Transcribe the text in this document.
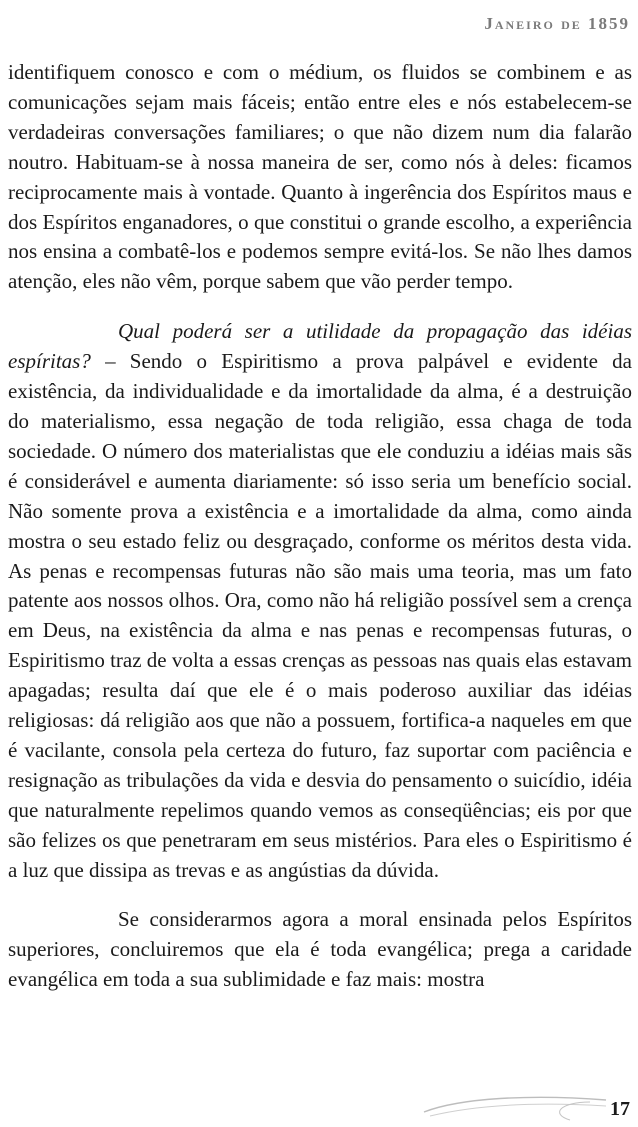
Janeiro de 1859

identifiquem conosco e com o médium, os fluidos se combinem e as comunicações sejam mais fáceis; então entre eles e nós estabelecem-se verdadeiras conversações familiares; o que não dizem num dia falarão noutro. Habituam-se à nossa maneira de ser, como nós à deles: ficamos reciprocamente mais à vontade. Quanto à ingerência dos Espíritos maus e dos Espíritos enganadores, o que constitui o grande escolho, a experiência nos ensina a combatê-los e podemos sempre evitá-los. Se não lhes damos atenção, eles não vêm, porque sabem que vão perder tempo.

Qual poderá ser a utilidade da propagação das idéias espíritas? – Sendo o Espiritismo a prova palpável e evidente da existência, da individualidade e da imortalidade da alma, é a destruição do materialismo, essa negação de toda religião, essa chaga de toda sociedade. O número dos materialistas que ele conduziu a idéias mais sãs é considerável e aumenta diariamente: só isso seria um benefício social. Não somente prova a existência e a imortalidade da alma, como ainda mostra o seu estado feliz ou desgraçado, conforme os méritos desta vida. As penas e recompensas futuras não são mais uma teoria, mas um fato patente aos nossos olhos. Ora, como não há religião possível sem a crença em Deus, na existência da alma e nas penas e recompensas futuras, o Espiritismo traz de volta a essas crenças as pessoas nas quais elas estavam apagadas; resulta daí que ele é o mais poderoso auxiliar das idéias religiosas: dá religião aos que não a possuem, fortifica-a naqueles em que é vacilante, consola pela certeza do futuro, faz suportar com paciência e resignação as tribulações da vida e desvia do pensamento o suicídio, idéia que naturalmente repelimos quando vemos as conseqüências; eis por que são felizes os que penetraram em seus mistérios. Para eles o Espiritismo é a luz que dissipa as trevas e as angústias da dúvida.

Se considerarmos agora a moral ensinada pelos Espíritos superiores, concluiremos que ela é toda evangélica; prega a caridade evangélica em toda a sua sublimidade e faz mais: mostra

17
